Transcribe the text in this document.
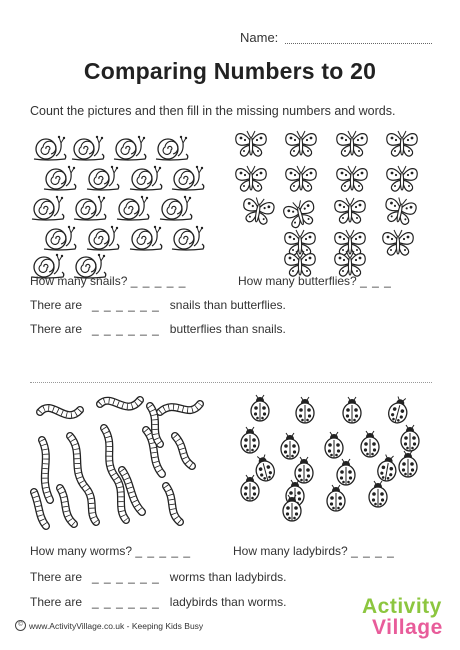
Name:
Comparing Numbers to 20
Count the pictures and then fill in the missing numbers and words.
How many snails? _ _ _ _ _	How many butterflies? _ _ _
There are _ _ _ _ _ _ snails than butterflies.
There are _ _ _ _ _ _ butterflies than snails.
How many worms? _ _ _ _ _	How many ladybirds? _ _ _ _
There are _ _ _ _ _ _ worms than ladybirds.
There are _ _ _ _ _ _ ladybirds than worms.
© www.ActivityVillage.co.uk - Keeping Kids Busy
Activity
Village
